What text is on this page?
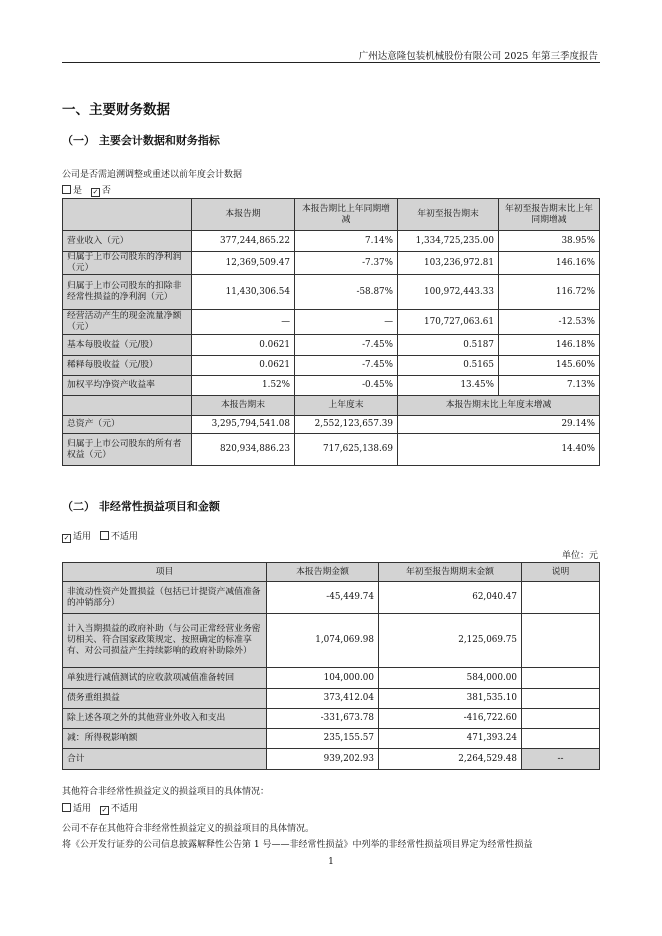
广州达意隆包装机械股份有限公司 2025 年第三季度报告
一、主要财务数据
（一） 主要会计数据和财务指标
公司是否需追溯调整或重述以前年度会计数据
是 ✓ 否
	本报告期	本报告期比上年同期增减	年初至报告期末	年初至报告期末比上年同期增减
营业收入（元）	377,244,865.22	7.14%	1,334,725,235.00	38.95%
归属于上市公司股东的净利润（元）	12,369,509.47	-7.37%	103,236,972.81	146.16%
归属于上市公司股东的扣除非经常性损益的净利润（元）	11,430,306.54	-58.87%	100,972,443.33	116.72%
经营活动产生的现金流量净额（元）	—	—	170,727,063.61	-12.53%
基本每股收益（元/股）	0.0621	-7.45%	0.5187	146.18%
稀释每股收益（元/股）	0.0621	-7.45%	0.5165	145.60%
加权平均净资产收益率	1.52%	-0.45%	13.45%	7.13%
	本报告期末	上年度末	本报告期末比上年度末增减	
总资产（元）	3,295,794,541.08	2,552,123,657.39	29.14%	
归属于上市公司股东的所有者权益（元）	820,934,886.23	717,625,138.69	14.40%	
（二） 非经常性损益项目和金额
✓ 适用 不适用
单位：元
项目	本报告期金额	年初至报告期期末金额	说明
非流动性资产处置损益（包括已计提资产减值准备的冲销部分）	-45,449.74	62,040.47	
计入当期损益的政府补助（与公司正常经营业务密切相关、符合国家政策规定、按照确定的标准享有、对公司损益产生持续影响的政府补助除外）	1,074,069.98	2,125,069.75	
单独进行减值测试的应收款项减值准备转回	104,000.00	584,000.00	
债务重组损益	373,412.04	381,535.10	
除上述各项之外的其他营业外收入和支出	-331,673.78	-416,722.60	
减：所得税影响额	235,155.57	471,393.24	
合计	939,202.93	2,264,529.48	--
其他符合非经常性损益定义的损益项目的具体情况：
适用 ✓ 不适用
公司不存在其他符合非经常性损益定义的损益项目的具体情况。
将《公开发行证券的公司信息披露解释性公告第 1 号——非经常性损益》中列举的非经常性损益项目界定为经常性损益
1
